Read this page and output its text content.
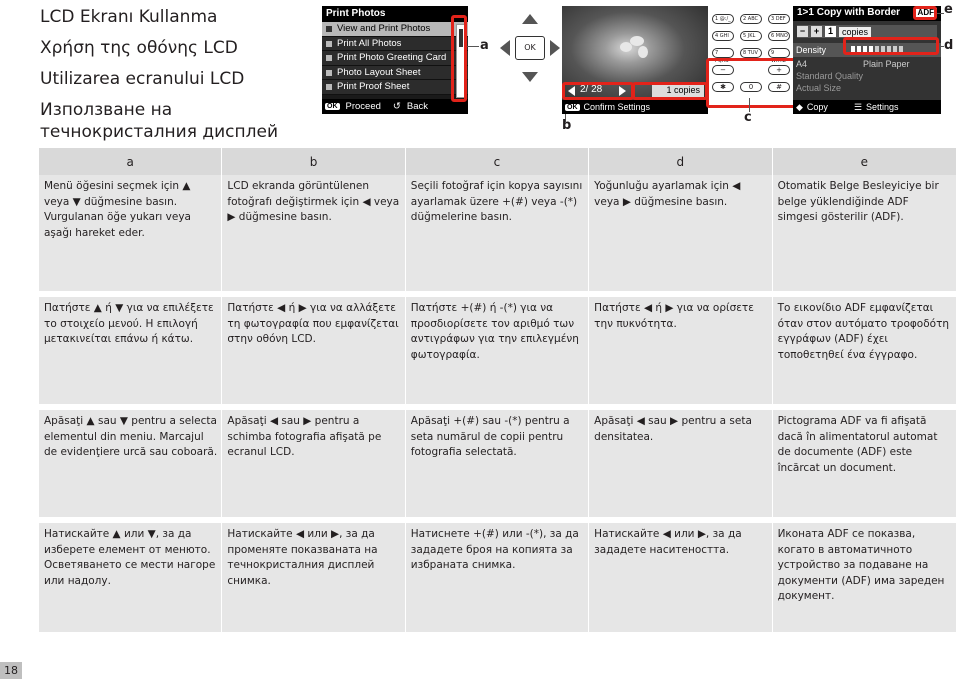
LCD Ekranı Kullanma
Χρήση της οθόνης LCD
Utilizarea ecranului LCD
Използване на течнокристалния дисплей
Print Photos
View and Print Photos
Print All Photos
Print Photo Greeting Card
Photo Layout Sheet
Print Proof Sheet
OK Proceed ↺ Back
a	OK
b
2/ 28	1 copies
OK Confirm Settings
1 @:/_	2 ABC	3 DEF
4 GHI	5 JKL	6 MNO
7 PQRS
8 TUV	9 WXYZ
−	+
✱	0	#
c
1>1 Copy with Border	ADF
− + 1	copies
Density
A4	Plain Paper
Standard Quality
Actual Size
◆ Copy	☰ Settings
e
d
a	b	c	d	e
Menü öğesini seçmek için ▲ veya ▼ düğmesine basın. Vurgulanan öğe yukarı veya aşağı hareket eder.	LCD ekranda görüntülenen fotoğrafı değiştirmek için ◀ veya ▶ düğmesine basın.	Seçili fotoğraf için kopya sayısını ayarlamak üzere +(#) veya -(*) düğmelerine basın.	Yoğunluğu ayarlamak için ◀ veya ▶ düğmesine basın.	Otomatik Belge Besleyiciye bir belge yüklendiğinde ADF simgesi gösterilir (ADF).
Πατήστε ▲ ή ▼ για να επιλέξετε το στοιχείο μενού. Η επιλογή μετακινείται επάνω ή κάτω.	Πατήστε ◀ ή ▶ για να αλλάξετε τη φωτογραφία που εμφανίζεται στην οθόνη LCD.	Πατήστε +(#) ή -(*) για να προσδιορίσετε τον αριθμό των αντιγράφων για την επιλεγμένη φωτογραφία.	Πατήστε ◀ ή ▶ για να ορίσετε την πυκνότητα.	Το εικονίδιο ADF εμφανίζεται όταν στον αυτόματο τροφοδότη εγγράφων (ADF) έχει τοποθετηθεί ένα έγγραφο.
Apăsaţi ▲ sau ▼ pentru a selecta elementul din meniu. Marcajul de evidenţiere urcă sau coboară.	Apăsaţi ◀ sau ▶ pentru a schimba fotografia afişată pe ecranul LCD.	Apăsaţi +(#) sau -(*) pentru a seta numărul de copii pentru fotografia selectată.	Apăsaţi ◀ sau ▶ pentru a seta densitatea.	Pictograma ADF va fi afişată dacă în alimentatorul automat de documente (ADF) este încărcat un document.
Натискайте ▲ или ▼, за да изберете елемент от менюто. Осветяването се мести нагоре или надолу.	Натискайте ◀ или ▶, за да променяте показваната на течнокристалния дисплей снимка.	Натиснете +(#) или -(*), за да зададете броя на копията за избраната снимка.	Натискайте ◀ или ▶, за да зададете наситеността.	Иконата ADF се показва, когато в автоматичното устройство за подаване на документи (ADF) има зареден документ.
18
